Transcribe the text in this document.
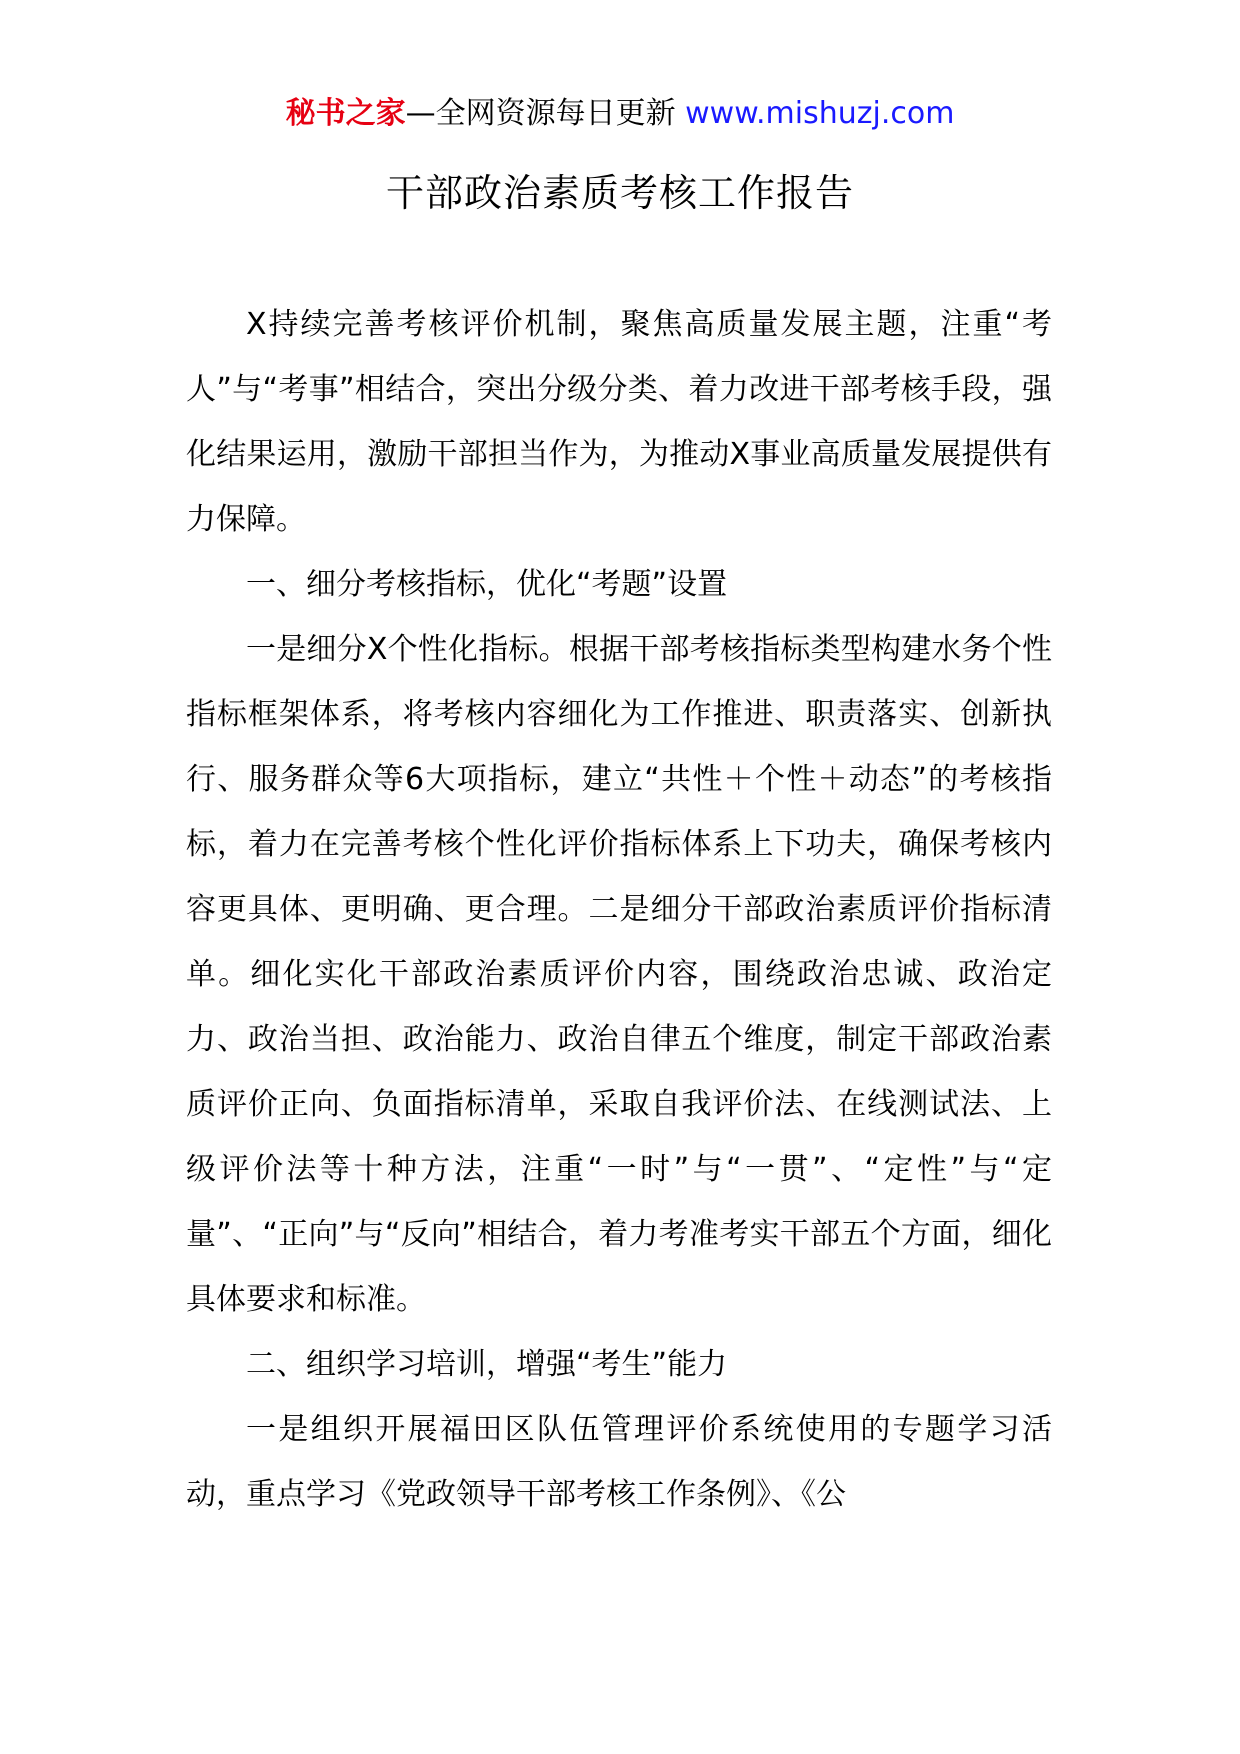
秘书之家—全网资源每日更新 www.mishuzj.com
干部政治素质考核工作报告

X持续完善考核评价机制，聚焦高质量发展主题，注重“考人”与“考事”相结合，突出分级分类、着力改进干部考核手段，强化结果运用，激励干部担当作为，为推动X事业高质量发展提供有力保障。

一、细分考核指标，优化“考题”设置

一是细分X个性化指标。根据干部考核指标类型构建水务个性指标框架体系，将考核内容细化为工作推进、职责落实、创新执行、服务群众等6大项指标，建立“共性＋个性＋动态”的考核指标，着力在完善考核个性化评价指标体系上下功夫，确保考核内容更具体、更明确、更合理。二是细分干部政治素质评价指标清单。细化实化干部政治素质评价内容，围绕政治忠诚、政治定力、政治当担、政治能力、政治自律五个维度，制定干部政治素质评价正向、负面指标清单，采取自我评价法、在线测试法、上级评价法等十种方法，注重“一时”与“一贯”、“定性”与“定量”、“正向”与“反向”相结合，着力考准考实干部五个方面，细化具体要求和标准。

二、组织学习培训，增强“考生”能力

一是组织开展福田区队伍管理评价系统使用的专题学习活动，重点学习《党政领导干部考核工作条例》、《公
